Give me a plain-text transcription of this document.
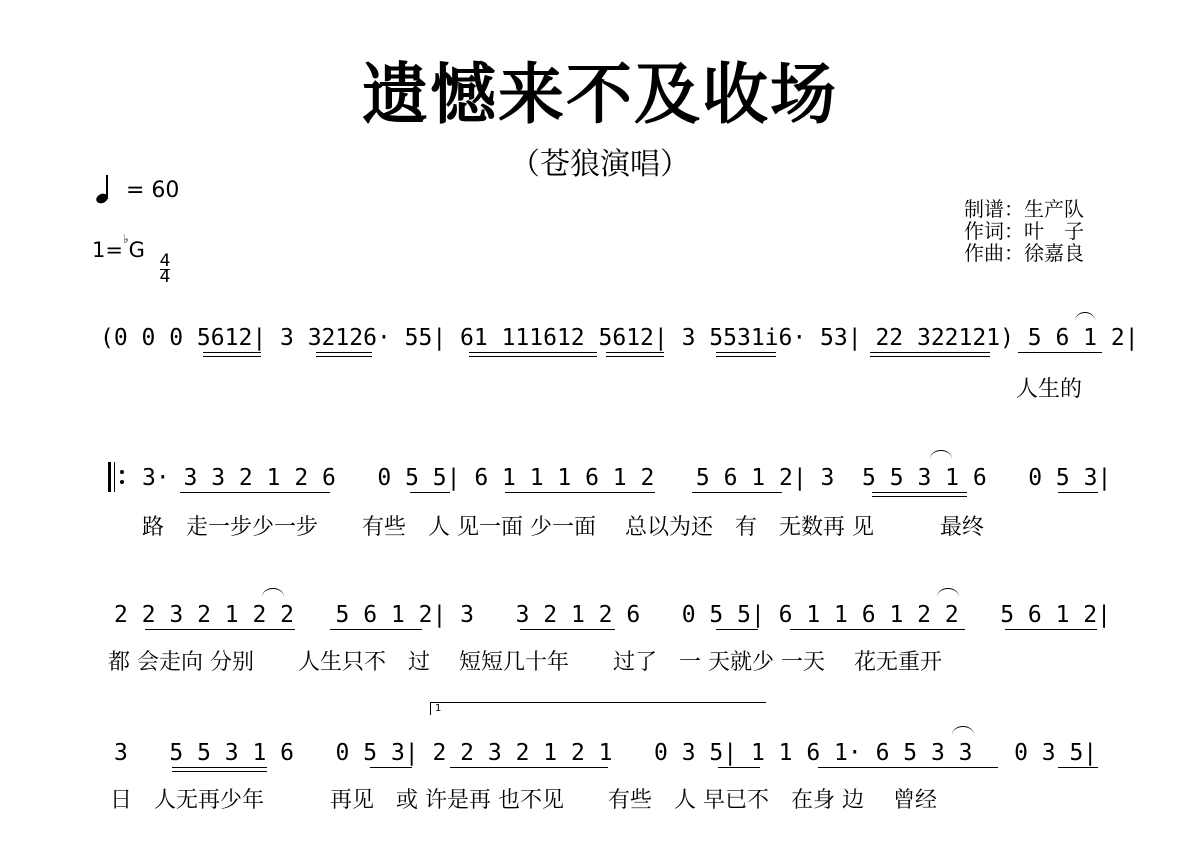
遗憾来不及收场
（苍狼演唱）
= 60
1=♭G
$\frac{4}{4}$
制谱：生产队
作词：叶　子
作曲：徐嘉良
(0 0 0 5612| 3 32126· 55| 61 111612 5612| 3 5531i6· 53| 22 322121) 5 6 1 2|
人生的
3· 3 3 2 1 2 6   0 5 5| 6 1 1 1 6 1 2   5 6 1 2| 3  5 5 3 1 6   0 5 3|
路　走一步少一步　　有些　人 见一面 少一面　 总以为还　有　无数再 见　　　最终
2 2 3 2 1 2 2   5 6 1 2| 3   3 2 1 2 6   0 5 5| 6 1 1 6 1 2 2   5 6 1 2|
都 会走向 分别　　人生只不　过　 短短几十年　　过了　一 天就少 一天　 花无重开
1
3   5 5 3 1 6   0 5 3| 2 2 3 2 1 2 1   0 3 5| 1 1 6 1· 6 5 3 3   0 3 5|
日　人无再少年　　　再见　或 许是再 也不见　　有些　人 早已不　在身 边　 曾经
